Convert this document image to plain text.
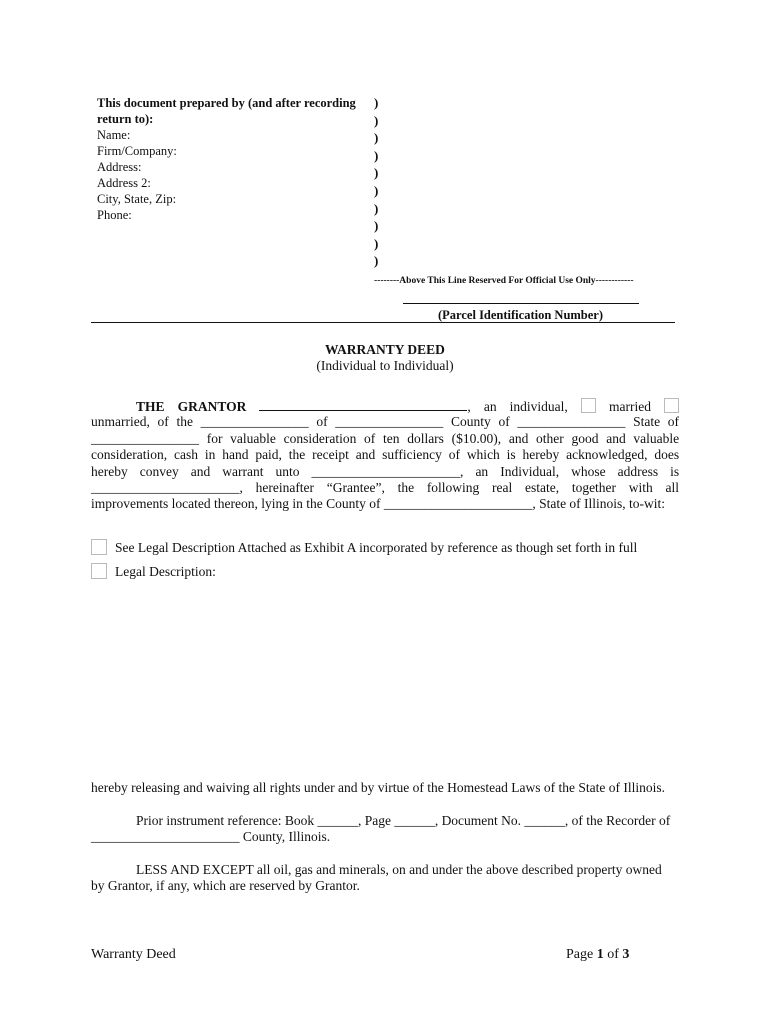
This document prepared by (and after recording return to):
Name:
Firm/Company:
Address:
Address 2:
City, State, Zip:
Phone:
)
)
)
)
)
)
)
)
)
)
--------Above This Line Reserved For Official Use Only------------
(Parcel Identification Number)
WARRANTY DEED
(Individual to Individual)
THE GRANTOR	, an individual,	married
unmarried, of the ________________ of ________________ County of ________________ State of
________________ for valuable consideration of ten dollars ($10.00), and other good and valuable
consideration, cash in hand paid, the receipt and sufficiency of which is hereby acknowledged, does
hereby convey and warrant unto ______________________, an Individual, whose address is
______________________, hereinafter “Grantee”, the following real estate, together with all
improvements located thereon, lying in the County of ______________________, State of Illinois, to-wit:
See Legal Description Attached as Exhibit A incorporated by reference as though set forth in full
Legal Description:
hereby releasing and waiving all rights under and by virtue of the Homestead Laws of the State of Illinois.
Prior instrument reference: Book ______, Page ______, Document No. ______, of the Recorder of
______________________ County, Illinois.
LESS AND EXCEPT all oil, gas and minerals, on and under the above described property owned
by Grantor, if any, which are reserved by Grantor.
Warranty Deed	Page 1 of 3
